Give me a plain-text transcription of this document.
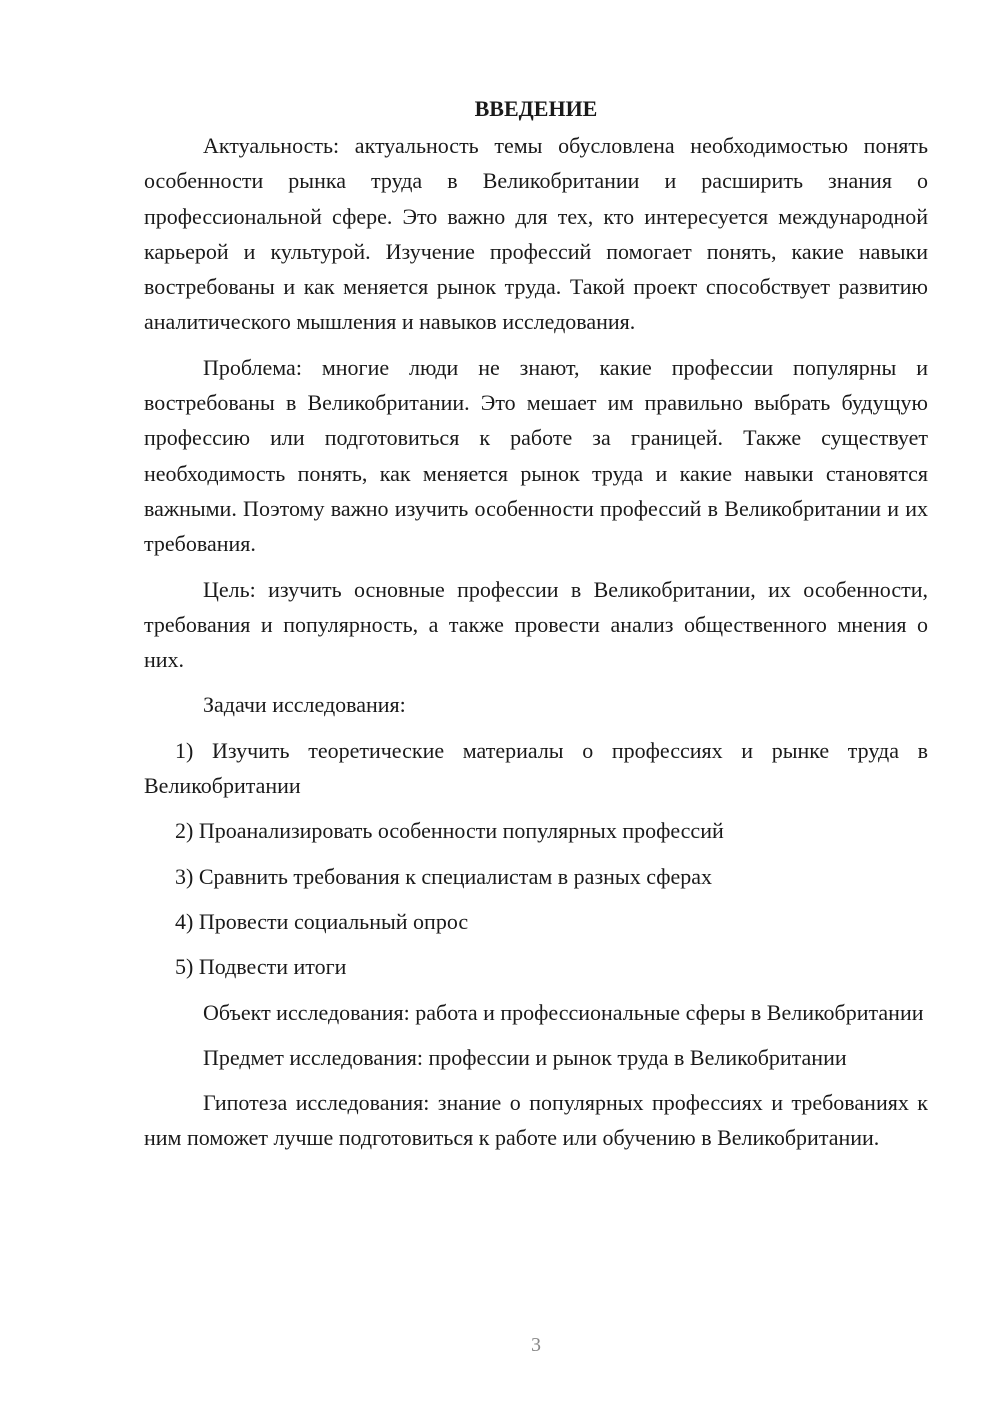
ВВЕДЕНИЕ

Актуальность: актуальность темы обусловлена необходимостью понять особенности рынка труда в Великобритании и расширить знания о профессиональной сфере. Это важно для тех, кто интересуется международной карьерой и культурой. Изучение профессий помогает понять, какие навыки востребованы и как меняется рынок труда. Такой проект способствует развитию аналитического мышления и навыков исследования.

Проблема: многие люди не знают, какие профессии популярны и востребованы в Великобритании. Это мешает им правильно выбрать будущую профессию или подготовиться к работе за границей. Также существует необходимость понять, как меняется рынок труда и какие навыки становятся важными. Поэтому важно изучить особенности профессий в Великобритании и их требования.

Цель: изучить основные профессии в Великобритании, их особенности, требования и популярность, а также провести анализ общественного мнения о них.

Задачи исследования:

1) Изучить теоретические материалы о профессиях и рынке труда в Великобритании

2) Проанализировать особенности популярных профессий

3) Сравнить требования к специалистам в разных сферах

4) Провести социальный опрос

5) Подвести итоги

Объект исследования: работа и профессиональные сферы в Великобритании

Предмет исследования: профессии и рынок труда в Великобритании

Гипотеза исследования: знание о популярных профессиях и требованиях к ним поможет лучше подготовиться к работе или обучению в Великобритании.

3
